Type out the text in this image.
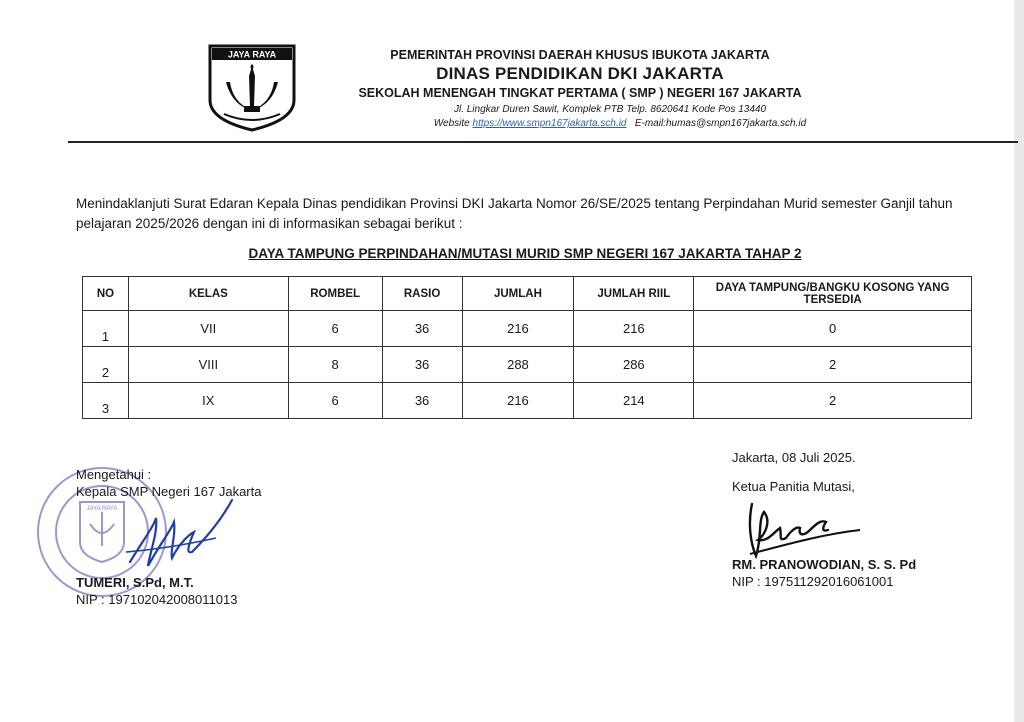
JAYA RAYA	PEMERINTAH PROVINSI DAERAH KHUSUS IBUKOTA JAKARTA
DINAS PENDIDIKAN DKI JAKARTA
SEKOLAH MENENGAH TINGKAT PERTAMA ( SMP ) NEGERI 167 JAKARTA
Jl. Lingkar Duren Sawit, Komplek PTB Telp. 8620641 Kode Pos 13440
Website https://www.smpn167jakarta.sch.id E-mail:humas@smpn167jakarta.sch.id
Menindaklanjuti Surat Edaran Kepala Dinas pendidikan Provinsi DKI Jakarta Nomor 26/SE/2025 tentang Perpindahan Murid semester Ganjil tahun pelajaran 2025/2026 dengan ini di informasikan sebagai berikut :
DAYA TAMPUNG PERPINDAHAN/MUTASI MURID SMP NEGERI 167 JAKARTA TAHAP 2
NO	KELAS	ROMBEL	RASIO	JUMLAH	JUMLAH RIIL	DAYA TAMPUNG/BANGKU KOSONG YANG TERSEDIA
1	VII	6	36	216	216	0
2	VIII	8	36	288	286	2
3	IX	6	36	216	214	2
JAYA RAYA
Mengetahui :
Kepala SMP Negeri 167 Jakarta
TUMERI, S.Pd, M.T.
NIP : 197102042008011013
Jakarta, 08 Juli 2025.
Ketua Panitia Mutasi,
RM. PRANOWODIAN, S. S. Pd
NIP : 197511292016061001
